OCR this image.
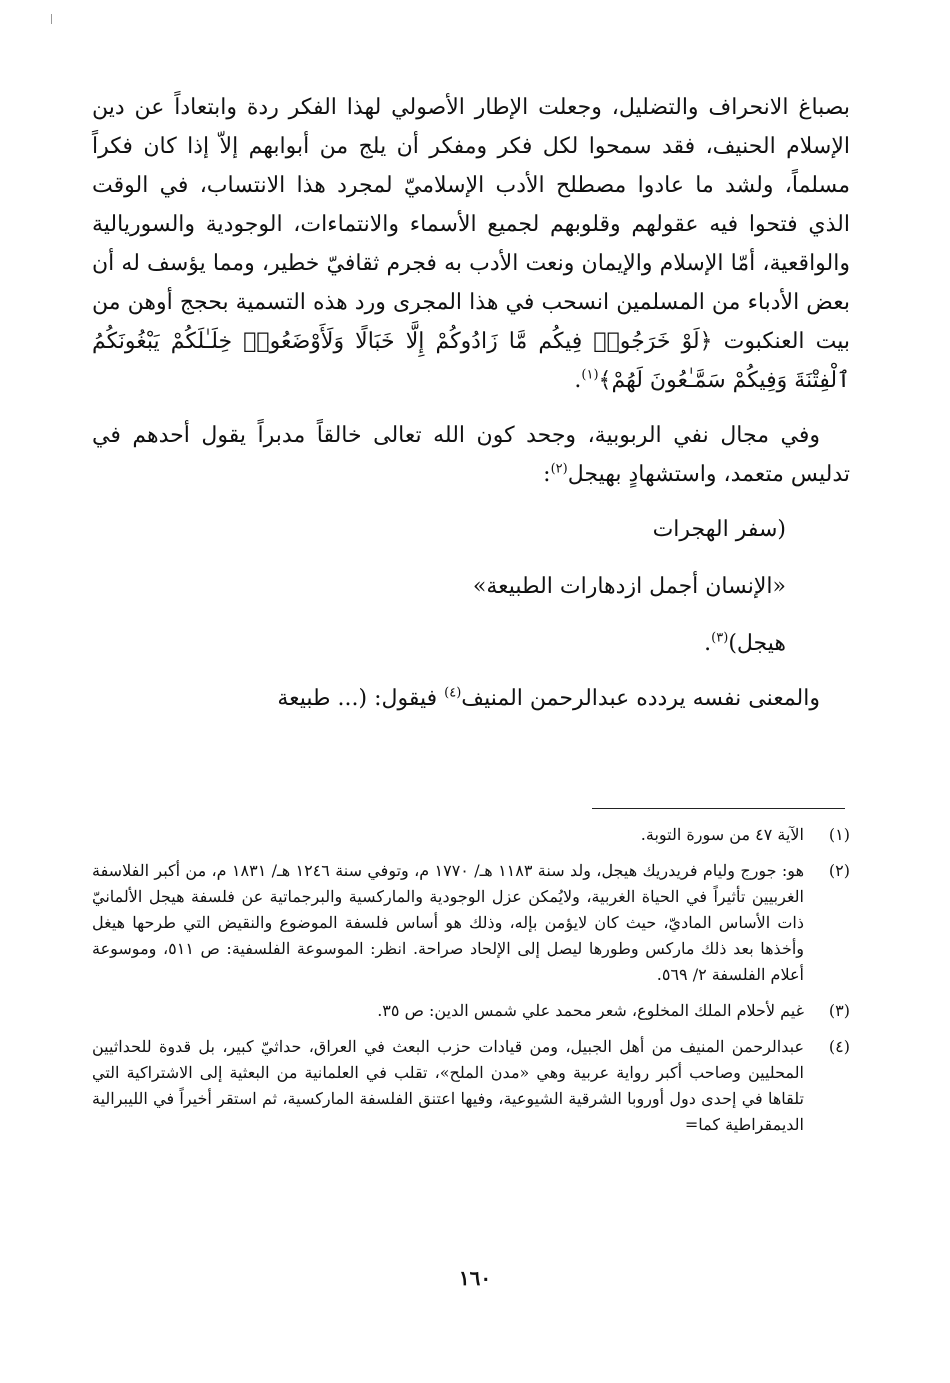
بصباغ الانحراف والتضليل، وجعلت الإطار الأصولي لهذا الفكر ردة وابتعاداً عن دين الإسلام الحنيف، فقد سمحوا لكل فكر ومفكر أن يلج من أبوابهم إلاّ إذا كان فكراً مسلماً، ولشد ما عادوا مصطلح الأدب الإسلاميّ لمجرد هذا الانتساب، في الوقت الذي فتحوا فيه عقولهم وقلوبهم لجميع الأسماء والانتماءات، الوجودية والسوريالية والواقعية، أمّا الإسلام والإيمان ونعت الأدب به فجرم ثقافيّ خطير، ومما يؤسف له أن بعض الأدباء من المسلمين انسحب في هذا المجرى ورد هذه التسمية بحجج أوهن من بيت العنكبوت ﴿لَوْ خَرَجُوا۟ فِيكُم مَّا زَادُوكُمْ إِلَّا خَبَالًا وَلَأَوْضَعُوا۟ خِلَـٰلَكُمْ يَبْغُونَكُمُ ٱلْفِتْنَةَ وَفِيكُمْ سَمَّـٰعُونَ لَهُمْ﴾$^{(١)}$.

وفي مجال نفي الربوبية، وجحد كون الله تعالى خالقاً مدبراً يقول أحدهم في تدليس متعمد، واستشهادٍ بهيجل$^{(٢)}$:

(سفر الهجرات

«الإنسان أجمل ازدهارات الطبيعة»

هيجل)$^{(٣)}$.

والمعنى نفسه يردده عبدالرحمن المنيف$^{(٤)}$ فيقول: (... طبيعة

(١)
الآية ٤٧ من سورة التوبة.
(٢)
هو: جورج وليام فريدريك هيجل، ولد سنة ١١٨٣ هـ/ ١٧٧٠ م، وتوفي سنة ١٢٤٦ هـ/ ١٨٣١ م، من أكبر الفلاسفة الغربيين تأثيراً في الحياة الغربية، ولايُمكن عزل الوجودية والماركسية والبرجماتية عن فلسفة هيجل الألمانيّ ذات الأساس الماديّ، حيث كان لايؤمن بإله، وذلك هو أساس فلسفة الموضوع والنقيض التي طرحها هيغل وأخذها بعد ذلك ماركس وطورها ليصل إلى الإلحاد صراحة. انظر: الموسوعة الفلسفية: ص ٥١١، وموسوعة أعلام الفلسفة ٢/ ٥٦٩.
(٣)
غيم لأحلام الملك المخلوع، شعر محمد علي شمس الدين: ص ٣٥.
(٤)
عبدالرحمن المنيف من أهل الجبيل، ومن قيادات حزب البعث في العراق، حداثيّ كبير، بل قدوة للحداثيين المحليين وصاحب أكبر رواية عربية وهي «مدن الملح»، تقلب في العلمانية من البعثية إلى الاشتراكية التي تلقاها في إحدى دول أوروبا الشرقية الشيوعية، وفيها اعتنق الفلسفة الماركسية، ثم استقر أخيراً في الليبرالية الديمقراطية كما=
١٦٠
